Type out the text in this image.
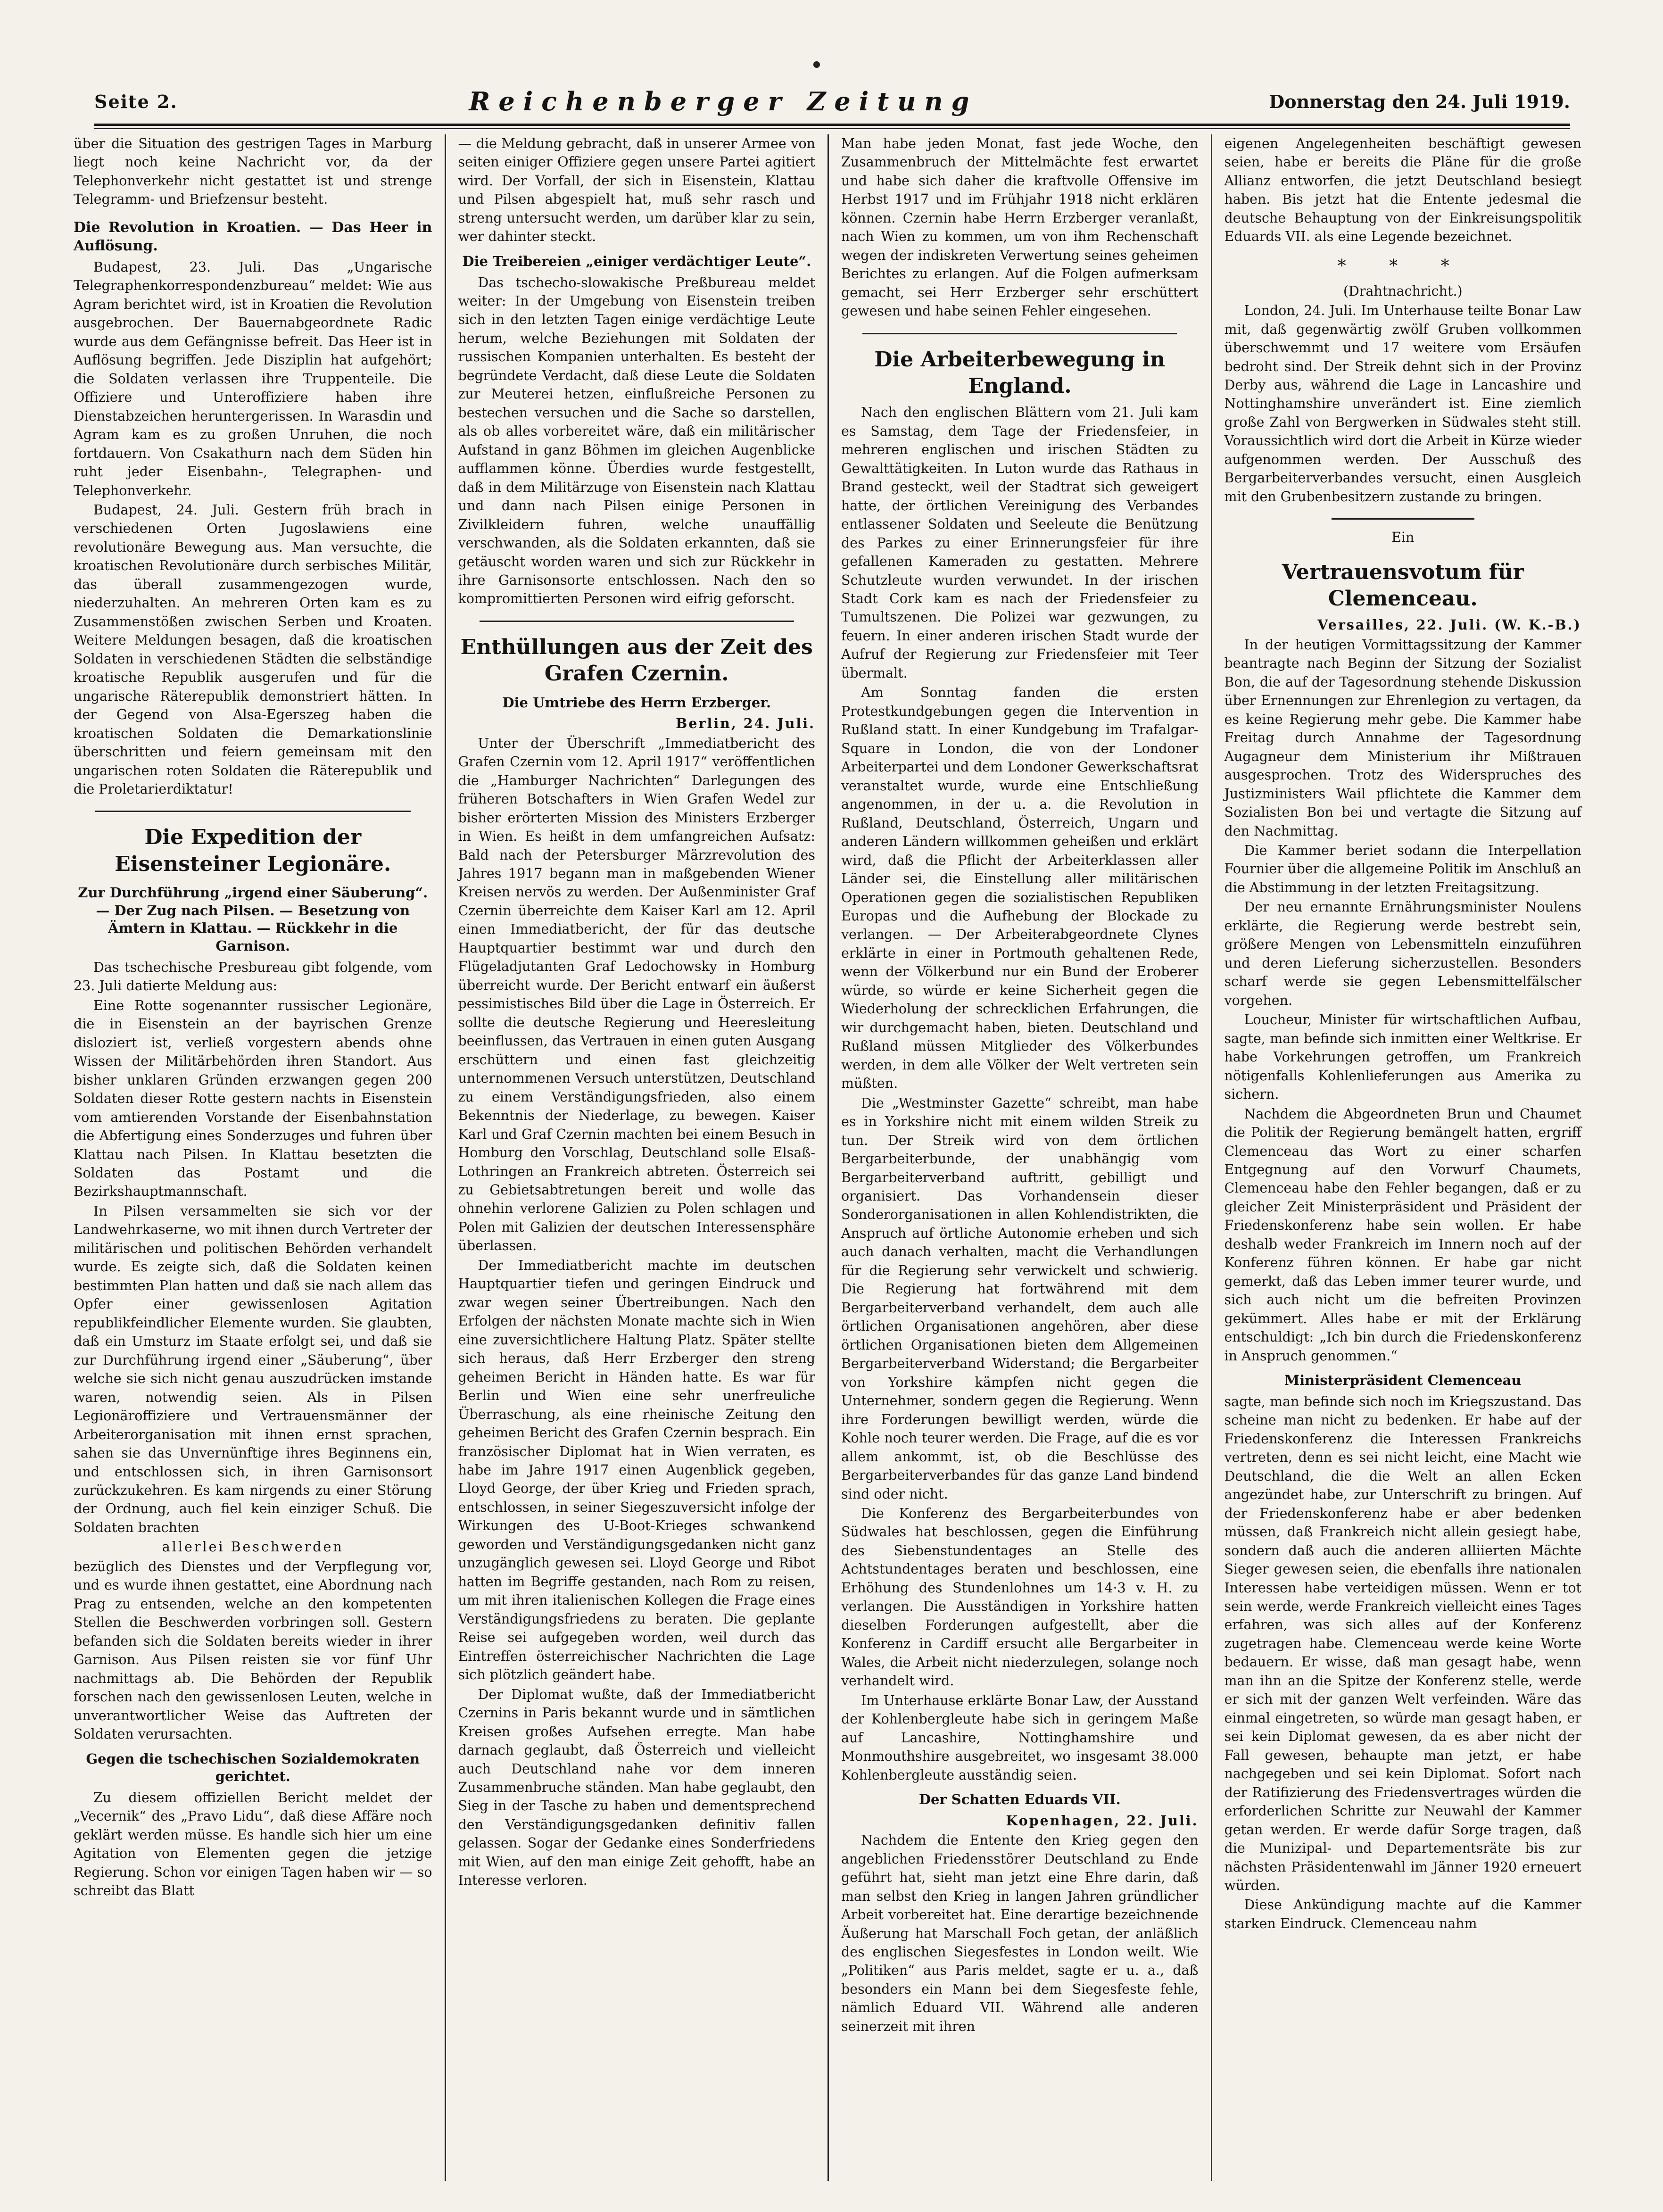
Seite 2.	Reichenberger Zeitung	Donnerstag den 24. Juli 1919.

über die Situation des gestrigen Tages in Marburg liegt noch keine Nachricht vor, da der Telephonverkehr nicht gestattet ist und strenge Telegramm- und Briefzensur besteht.

Die Revolution in Kroatien. — Das Heer in Auflösung.

Budapest, 23. Juli. Das „Ungarische Telegraphenkorrespondenzbureau“ meldet: Wie aus Agram berichtet wird, ist in Kroatien die Revolution ausgebrochen. Der Bauernabgeordnete Radic wurde aus dem Gefängnisse befreit. Das Heer ist in Auflösung begriffen. Jede Disziplin hat aufgehört; die Soldaten verlassen ihre Truppenteile. Die Offiziere und Unteroffiziere haben ihre Dienstabzeichen heruntergerissen. In Warasdin und Agram kam es zu großen Unruhen, die noch fortdauern. Von Csakathurn nach dem Süden hin ruht jeder Eisenbahn-, Telegraphen- und Telephonverkehr.

Budapest, 24. Juli. Gestern früh brach in verschiedenen Orten Jugoslawiens eine revolutionäre Bewegung aus. Man versuchte, die kroatischen Revolutionäre durch serbisches Militär, das überall zusammengezogen wurde, niederzuhalten. An mehreren Orten kam es zu Zusammenstößen zwischen Serben und Kroaten. Weitere Meldungen besagen, daß die kroatischen Soldaten in verschiedenen Städten die selbständige kroatische Republik ausgerufen und für die ungarische Räterepublik demonstriert hätten. In der Gegend von Alsa-Egerszeg haben die kroatischen Soldaten die Demarkationslinie überschritten und feiern gemeinsam mit den ungarischen roten Soldaten die Räterepublik und die Proletarierdiktatur!

Die Expedition der Eisensteiner Legionäre.
Zur Durchführung „irgend einer Säuberung“. — Der Zug nach Pilsen. — Besetzung von Ämtern in Klattau. — Rückkehr in die Garnison.

Das tschechische Presbureau gibt folgende, vom 23. Juli datierte Meldung aus:

Eine Rotte sogenannter russischer Legionäre, die in Eisenstein an der bayrischen Grenze disloziert ist, verließ vorgestern abends ohne Wissen der Militärbehörden ihren Standort. Aus bisher unklaren Gründen erzwangen gegen 200 Soldaten dieser Rotte gestern nachts in Eisenstein vom amtierenden Vorstande der Eisenbahnstation die Abfertigung eines Sonderzuges und fuhren über Klattau nach Pilsen. In Klattau besetzten die Soldaten das Postamt und die Bezirkshauptmannschaft.

In Pilsen versammelten sie sich vor der Landwehrkaserne, wo mit ihnen durch Vertreter der militärischen und politischen Behörden verhandelt wurde. Es zeigte sich, daß die Soldaten keinen bestimmten Plan hatten und daß sie nach allem das Opfer einer gewissenlosen Agitation republikfeindlicher Elemente wurden. Sie glaubten, daß ein Umsturz im Staate erfolgt sei, und daß sie zur Durchführung irgend einer „Säuberung“, über welche sie sich nicht genau auszudrücken imstande waren, notwendig seien. Als in Pilsen Legionäroffiziere und Vertrauensmänner der Arbeiterorganisation mit ihnen ernst sprachen, sahen sie das Unvernünftige ihres Beginnens ein, und entschlossen sich, in ihren Garnisonsort zurückzukehren. Es kam nirgends zu einer Störung der Ordnung, auch fiel kein einziger Schuß. Die Soldaten brachten

allerlei Beschwerden

bezüglich des Dienstes und der Verpflegung vor, und es wurde ihnen gestattet, eine Abordnung nach Prag zu entsenden, welche an den kompetenten Stellen die Beschwerden vorbringen soll. Gestern befanden sich die Soldaten bereits wieder in ihrer Garnison. Aus Pilsen reisten sie vor fünf Uhr nachmittags ab. Die Behörden der Republik forschen nach den gewissenlosen Leuten, welche in unverantwortlicher Weise das Auftreten der Soldaten verursachten.

Gegen die tschechischen Sozialdemokraten gerichtet.

Zu diesem offiziellen Bericht meldet der „Vecernik“ des „Pravo Lidu“, daß diese Affäre noch geklärt werden müsse. Es handle sich hier um eine Agitation von Elementen gegen die jetzige Regierung. Schon vor einigen Tagen haben wir — so schreibt das Blatt

— die Meldung gebracht, daß in unserer Armee von seiten einiger Offiziere gegen unsere Partei agitiert wird. Der Vorfall, der sich in Eisenstein, Klattau und Pilsen abgespielt hat, muß sehr rasch und streng untersucht werden, um darüber klar zu sein, wer dahinter steckt.

Die Treibereien „einiger verdächtiger Leute“.

Das tschecho-slowakische Preßbureau meldet weiter: In der Umgebung von Eisenstein treiben sich in den letzten Tagen einige verdächtige Leute herum, welche Beziehungen mit Soldaten der russischen Kompanien unterhalten. Es besteht der begründete Verdacht, daß diese Leute die Soldaten zur Meuterei hetzen, einflußreiche Personen zu bestechen versuchen und die Sache so darstellen, als ob alles vorbereitet wäre, daß ein militärischer Aufstand in ganz Böhmen im gleichen Augenblicke aufflammen könne. Überdies wurde festgestellt, daß in dem Militärzuge von Eisenstein nach Klattau und dann nach Pilsen einige Personen in Zivilkleidern fuhren, welche unauffällig verschwanden, als die Soldaten erkannten, daß sie getäuscht worden waren und sich zur Rückkehr in ihre Garnisonsorte entschlossen. Nach den so kompromittierten Personen wird eifrig geforscht.

Enthüllungen aus der Zeit des Grafen Czernin.
Die Umtriebe des Herrn Erzberger.

Berlin, 24. Juli.

Unter der Überschrift „Immediatbericht des Grafen Czernin vom 12. April 1917“ veröffentlichen die „Hamburger Nachrichten“ Darlegungen des früheren Botschafters in Wien Grafen Wedel zur bisher erörterten Mission des Ministers Erzberger in Wien. Es heißt in dem umfangreichen Aufsatz: Bald nach der Petersburger Märzrevolution des Jahres 1917 begann man in maßgebenden Wiener Kreisen nervös zu werden. Der Außenminister Graf Czernin überreichte dem Kaiser Karl am 12. April einen Immediatbericht, der für das deutsche Hauptquartier bestimmt war und durch den Flügeladjutanten Graf Ledochowsky in Homburg überreicht wurde. Der Bericht entwarf ein äußerst pessimistisches Bild über die Lage in Österreich. Er sollte die deutsche Regierung und Heeresleitung beeinflussen, das Vertrauen in einen guten Ausgang erschüttern und einen fast gleichzeitig unternommenen Versuch unterstützen, Deutschland zu einem Verständigungsfrieden, also einem Bekenntnis der Niederlage, zu bewegen. Kaiser Karl und Graf Czernin machten bei einem Besuch in Homburg den Vorschlag, Deutschland solle Elsaß-Lothringen an Frankreich abtreten. Österreich sei zu Gebietsabtretungen bereit und wolle das ohnehin verlorene Galizien zu Polen schlagen und Polen mit Galizien der deutschen Interessensphäre überlassen.

Der Immediatbericht machte im deutschen Hauptquartier tiefen und geringen Eindruck und zwar wegen seiner Übertreibungen. Nach den Erfolgen der nächsten Monate machte sich in Wien eine zuversichtlichere Haltung Platz. Später stellte sich heraus, daß Herr Erzberger den streng geheimen Bericht in Händen hatte. Es war für Berlin und Wien eine sehr unerfreuliche Überraschung, als eine rheinische Zeitung den geheimen Bericht des Grafen Czernin besprach. Ein französischer Diplomat hat in Wien verraten, es habe im Jahre 1917 einen Augenblick gegeben, Lloyd George, der über Krieg und Frieden sprach, entschlossen, in seiner Siegeszuversicht infolge der Wirkungen des U-Boot-Krieges schwankend geworden und Verständigungsgedanken nicht ganz unzugänglich gewesen sei. Lloyd George und Ribot hatten im Begriffe gestanden, nach Rom zu reisen, um mit ihren italienischen Kollegen die Frage eines Verständigungsfriedens zu beraten. Die geplante Reise sei aufgegeben worden, weil durch das Eintreffen österreichischer Nachrichten die Lage sich plötzlich geändert habe.

Der Diplomat wußte, daß der Immediatbericht Czernins in Paris bekannt wurde und in sämtlichen Kreisen großes Aufsehen erregte. Man habe darnach geglaubt, daß Österreich und vielleicht auch Deutschland nahe vor dem inneren Zusammenbruche ständen. Man habe geglaubt, den Sieg in der Tasche zu haben und dementsprechend den Verständigungsgedanken definitiv fallen gelassen. Sogar der Gedanke eines Sonderfriedens mit Wien, auf den man einige Zeit gehofft, habe an Interesse verloren.

Man habe jeden Monat, fast jede Woche, den Zusammenbruch der Mittelmächte fest erwartet und habe sich daher die kraftvolle Offensive im Herbst 1917 und im Frühjahr 1918 nicht erklären können. Czernin habe Herrn Erzberger veranlaßt, nach Wien zu kommen, um von ihm Rechenschaft wegen der indiskreten Verwertung seines geheimen Berichtes zu erlangen. Auf die Folgen aufmerksam gemacht, sei Herr Erzberger sehr erschüttert gewesen und habe seinen Fehler eingesehen.

Die Arbeiterbewegung in England.

Nach den englischen Blättern vom 21. Juli kam es Samstag, dem Tage der Friedensfeier, in mehreren englischen und irischen Städten zu Gewalttätigkeiten. In Luton wurde das Rathaus in Brand gesteckt, weil der Stadtrat sich geweigert hatte, der örtlichen Vereinigung des Verbandes entlassener Soldaten und Seeleute die Benützung des Parkes zu einer Erinnerungsfeier für ihre gefallenen Kameraden zu gestatten. Mehrere Schutzleute wurden verwundet. In der irischen Stadt Cork kam es nach der Friedensfeier zu Tumultszenen. Die Polizei war gezwungen, zu feuern. In einer anderen irischen Stadt wurde der Aufruf der Regierung zur Friedensfeier mit Teer übermalt.

Am Sonntag fanden die ersten Protestkundgebungen gegen die Intervention in Rußland statt. In einer Kundgebung im Trafalgar-Square in London, die von der Londoner Arbeiterpartei und dem Londoner Gewerkschaftsrat veranstaltet wurde, wurde eine Entschließung angenommen, in der u. a. die Revolution in Rußland, Deutschland, Österreich, Ungarn und anderen Ländern willkommen geheißen und erklärt wird, daß die Pflicht der Arbeiterklassen aller Länder sei, die Einstellung aller militärischen Operationen gegen die sozialistischen Republiken Europas und die Aufhebung der Blockade zu verlangen. — Der Arbeiterabgeordnete Clynes erklärte in einer in Portmouth gehaltenen Rede, wenn der Völkerbund nur ein Bund der Eroberer würde, so würde er keine Sicherheit gegen die Wiederholung der schrecklichen Erfahrungen, die wir durchgemacht haben, bieten. Deutschland und Rußland müssen Mitglieder des Völkerbundes werden, in dem alle Völker der Welt vertreten sein müßten.

Die „Westminster Gazette“ schreibt, man habe es in Yorkshire nicht mit einem wilden Streik zu tun. Der Streik wird von dem örtlichen Bergarbeiterbunde, der unabhängig vom Bergarbeiterverband auftritt, gebilligt und organisiert. Das Vorhandensein dieser Sonderorganisationen in allen Kohlendistrikten, die Anspruch auf örtliche Autonomie erheben und sich auch danach verhalten, macht die Verhandlungen für die Regierung sehr verwickelt und schwierig. Die Regierung hat fortwährend mit dem Bergarbeiterverband verhandelt, dem auch alle örtlichen Organisationen angehören, aber diese örtlichen Organisationen bieten dem Allgemeinen Bergarbeiterverband Widerstand; die Bergarbeiter von Yorkshire kämpfen nicht gegen die Unternehmer, sondern gegen die Regierung. Wenn ihre Forderungen bewilligt werden, würde die Kohle noch teurer werden. Die Frage, auf die es vor allem ankommt, ist, ob die Beschlüsse des Bergarbeiterverbandes für das ganze Land bindend sind oder nicht.

Die Konferenz des Bergarbeiterbundes von Südwales hat beschlossen, gegen die Einführung des Siebenstundentages an Stelle des Achtstundentages beraten und beschlossen, eine Erhöhung des Stundenlohnes um 14·3 v. H. zu verlangen. Die Ausständigen in Yorkshire hatten dieselben Forderungen aufgestellt, aber die Konferenz in Cardiff ersucht alle Bergarbeiter in Wales, die Arbeit nicht niederzulegen, solange noch verhandelt wird.

Im Unterhause erklärte Bonar Law, der Ausstand der Kohlenbergleute habe sich in geringem Maße auf Lancashire, Nottinghamshire und Monmouthshire ausgebreitet, wo insgesamt 38.000 Kohlenbergleute ausständig seien.

Der Schatten Eduards VII.

Kopenhagen, 22. Juli.

Nachdem die Entente den Krieg gegen den angeblichen Friedensstörer Deutschland zu Ende geführt hat, sieht man jetzt eine Ehre darin, daß man selbst den Krieg in langen Jahren gründlicher Arbeit vorbereitet hat. Eine derartige bezeichnende Äußerung hat Marschall Foch getan, der anläßlich des englischen Siegesfestes in London weilt. Wie „Politiken“ aus Paris meldet, sagte er u. a., daß besonders ein Mann bei dem Siegesfeste fehle, nämlich Eduard VII. Während alle anderen seinerzeit mit ihren

eigenen Angelegenheiten beschäftigt gewesen seien, habe er bereits die Pläne für die große Allianz entworfen, die jetzt Deutschland besiegt haben. Bis jetzt hat die Entente jedesmal die deutsche Behauptung von der Einkreisungspolitik Eduards VII. als eine Legende bezeichnet.

* * *

(Drahtnachricht.)

London, 24. Juli. Im Unterhause teilte Bonar Law mit, daß gegenwärtig zwölf Gruben vollkommen überschwemmt und 17 weitere vom Ersäufen bedroht sind. Der Streik dehnt sich in der Provinz Derby aus, während die Lage in Lancashire und Nottinghamshire unverändert ist. Eine ziemlich große Zahl von Bergwerken in Südwales steht still. Voraussichtlich wird dort die Arbeit in Kürze wieder aufgenommen werden. Der Ausschuß des Bergarbeiterverbandes versucht, einen Ausgleich mit den Grubenbesitzern zustande zu bringen.

Ein

Vertrauensvotum für Clemenceau.

Versailles, 22. Juli. (W. K.-B.)

In der heutigen Vormittagssitzung der Kammer beantragte nach Beginn der Sitzung der Sozialist Bon, die auf der Tagesordnung stehende Diskussion über Ernennungen zur Ehrenlegion zu vertagen, da es keine Regierung mehr gebe. Die Kammer habe Freitag durch Annahme der Tagesordnung Augagneur dem Ministerium ihr Mißtrauen ausgesprochen. Trotz des Widerspruches des Justizministers Wail pflichtete die Kammer dem Sozialisten Bon bei und vertagte die Sitzung auf den Nachmittag.

Die Kammer beriet sodann die Interpellation Fournier über die allgemeine Politik im Anschluß an die Abstimmung in der letzten Freitagsitzung.

Der neu ernannte Ernährungsminister Noulens erklärte, die Regierung werde bestrebt sein, größere Mengen von Lebensmitteln einzuführen und deren Lieferung sicherzustellen. Besonders scharf werde sie gegen Lebensmittelfälscher vorgehen.

Loucheur, Minister für wirtschaftlichen Aufbau, sagte, man befinde sich inmitten einer Weltkrise. Er habe Vorkehrungen getroffen, um Frankreich nötigenfalls Kohlenlieferungen aus Amerika zu sichern.

Nachdem die Abgeordneten Brun und Chaumet die Politik der Regierung bemängelt hatten, ergriff Clemenceau das Wort zu einer scharfen Entgegnung auf den Vorwurf Chaumets, Clemenceau habe den Fehler begangen, daß er zu gleicher Zeit Ministerpräsident und Präsident der Friedenskonferenz habe sein wollen. Er habe deshalb weder Frankreich im Innern noch auf der Konferenz führen können. Er habe gar nicht gemerkt, daß das Leben immer teurer wurde, und sich auch nicht um die befreiten Provinzen gekümmert. Alles habe er mit der Erklärung entschuldigt: „Ich bin durch die Friedenskonferenz in Anspruch genommen.“

Ministerpräsident Clemenceau

sagte, man befinde sich noch im Kriegszustand. Das scheine man nicht zu bedenken. Er habe auf der Friedenskonferenz die Interessen Frankreichs vertreten, denn es sei nicht leicht, eine Macht wie Deutschland, die die Welt an allen Ecken angezündet habe, zur Unterschrift zu bringen. Auf der Friedenskonferenz habe er aber bedenken müssen, daß Frankreich nicht allein gesiegt habe, sondern daß auch die anderen alliierten Mächte Sieger gewesen seien, die ebenfalls ihre nationalen Interessen habe verteidigen müssen. Wenn er tot sein werde, werde Frankreich vielleicht eines Tages erfahren, was sich alles auf der Konferenz zugetragen habe. Clemenceau werde keine Worte bedauern. Er wisse, daß man gesagt habe, wenn man ihn an die Spitze der Konferenz stelle, werde er sich mit der ganzen Welt verfeinden. Wäre das einmal eingetreten, so würde man gesagt haben, er sei kein Diplomat gewesen, da es aber nicht der Fall gewesen, behaupte man jetzt, er habe nachgegeben und sei kein Diplomat. Sofort nach der Ratifizierung des Friedensvertrages würden die erforderlichen Schritte zur Neuwahl der Kammer getan werden. Er werde dafür Sorge tragen, daß die Munizipal- und Departementsräte bis zur nächsten Präsidentenwahl im Jänner 1920 erneuert würden.

Diese Ankündigung machte auf die Kammer starken Eindruck. Clemenceau nahm
